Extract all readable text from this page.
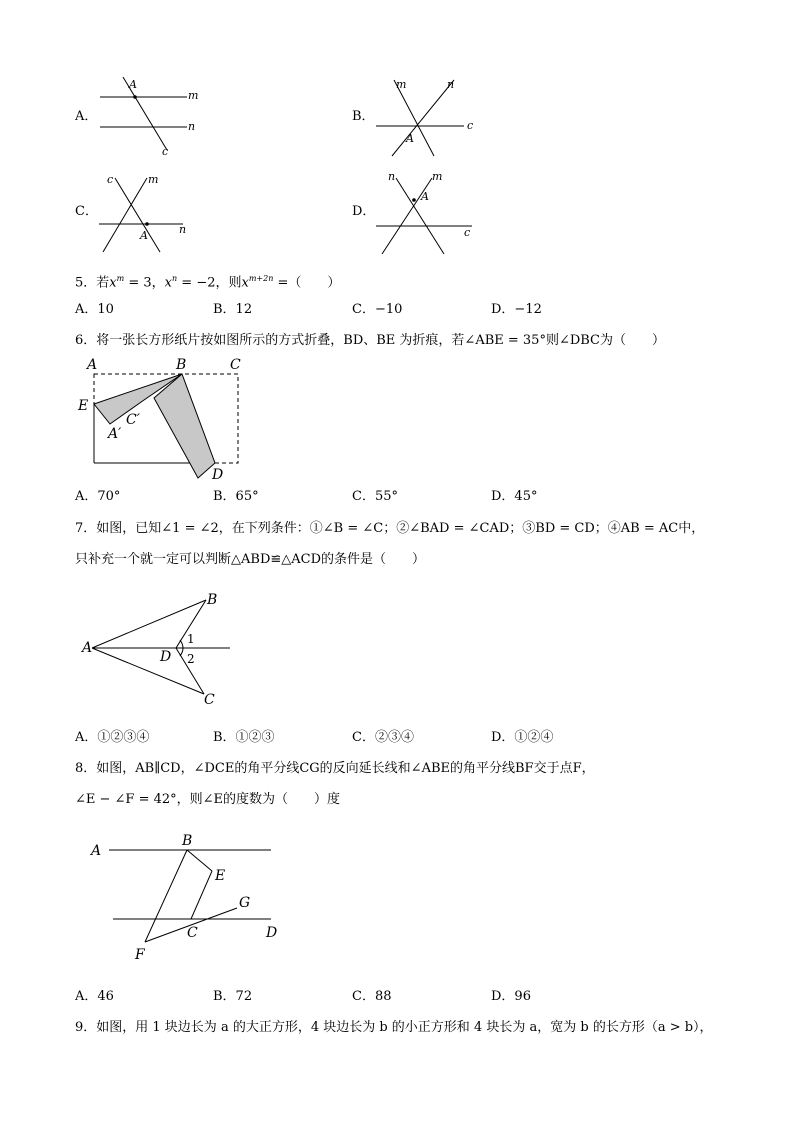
A．
A
m
n
c
B．
m	n
c
A
C．
c	m
A	n
D．
n	m
A
c
5．若$x^m = 3$，$x^n = -2$，则$x^{m+2n}$ =（　　）
A．10	B．12	C．−10	D．−12
6．将一张长方形纸片按如图所示的方式折叠，BD、BE 为折痕，若∠ABE = 35°则∠DBC为（　　）
A	B	C
E
A′
C′
D
A．70°	B．65°	C．55°	D．45°
7．如图，已知∠1 = ∠2，在下列条件：①∠B = ∠C；②∠BAD = ∠CAD；③BD = CD；④AB = AC中，
只补充一个就一定可以判断△ABD≌△ACD的条件是（　　）
A
B
C
D
1
2
A．①②③④	B．①②③	C．②③④	D．①②④
8．如图，AB∥CD，∠DCE的角平分线CG的反向延长线和∠ABE的角平分线BF交于点F，
∠E − ∠F = 42°，则∠E的度数为（　　）度
A
B
C	D
E
F
G
A．46	B．72	C．88	D．96
9．如图，用 1 块边长为 a 的大正方形，4 块边长为 b 的小正方形和 4 块长为 a，宽为 b 的长方形（a > b），
